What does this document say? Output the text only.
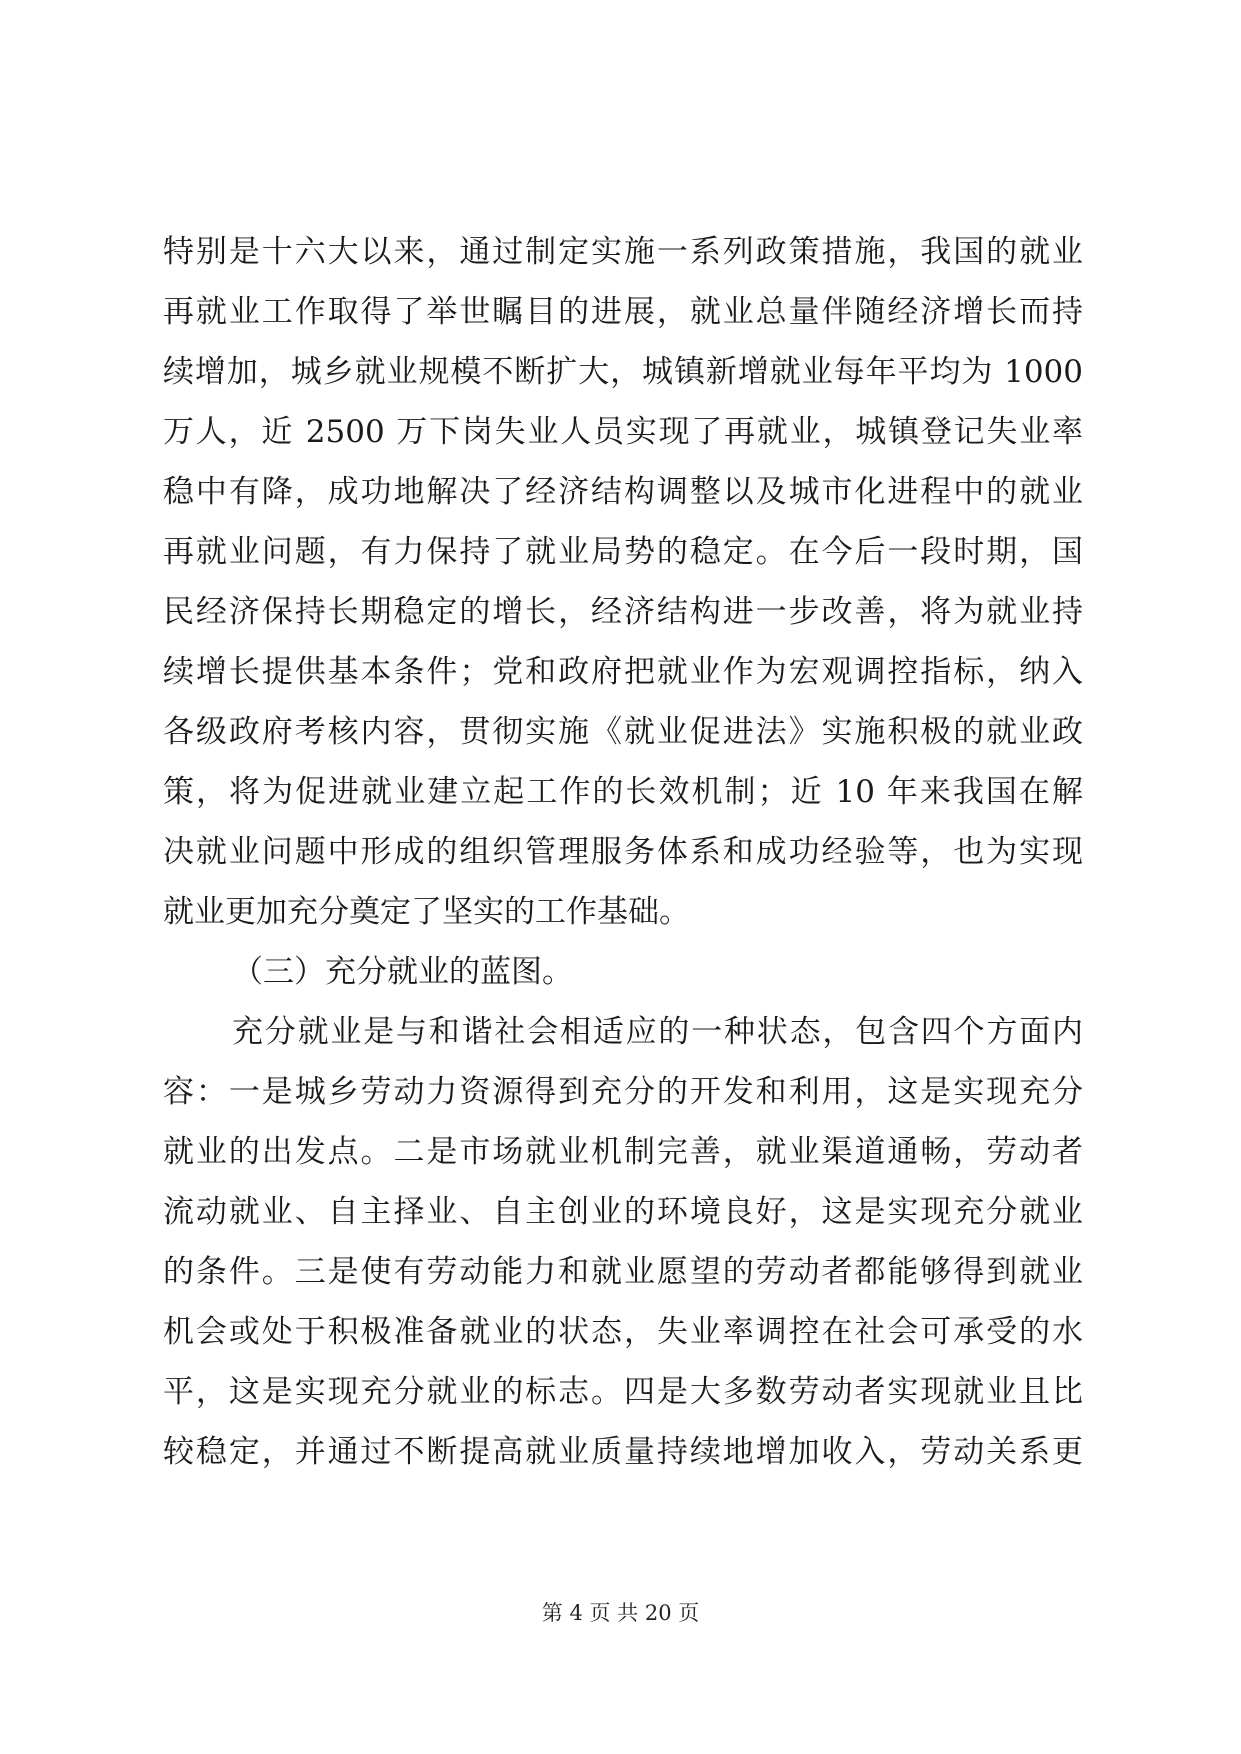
特别是十六大以来，通过制定实施一系列政策措施，我国的就业
再就业工作取得了举世瞩目的进展，就业总量伴随经济增长而持
续增加，城乡就业规模不断扩大，城镇新增就业每年平均为 1000
万人，近 2500 万下岗失业人员实现了再就业，城镇登记失业率
稳中有降，成功地解决了经济结构调整以及城市化进程中的就业
再就业问题，有力保持了就业局势的稳定。在今后一段时期，国
民经济保持长期稳定的增长，经济结构进一步改善，将为就业持
续增长提供基本条件；党和政府把就业作为宏观调控指标，纳入
各级政府考核内容，贯彻实施《就业促进法》实施积极的就业政
策，将为促进就业建立起工作的长效机制；近 10 年来我国在解
决就业问题中形成的组织管理服务体系和成功经验等，也为实现
就业更加充分奠定了坚实的工作基础。
（三）充分就业的蓝图。
充分就业是与和谐社会相适应的一种状态，包含四个方面内
容：一是城乡劳动力资源得到充分的开发和利用，这是实现充分
就业的出发点。二是市场就业机制完善，就业渠道通畅，劳动者
流动就业、自主择业、自主创业的环境良好，这是实现充分就业
的条件。三是使有劳动能力和就业愿望的劳动者都能够得到就业
机会或处于积极准备就业的状态，失业率调控在社会可承受的水
平，这是实现充分就业的标志。四是大多数劳动者实现就业且比
较稳定，并通过不断提高就业质量持续地增加收入，劳动关系更
第 4 页 共 20 页
